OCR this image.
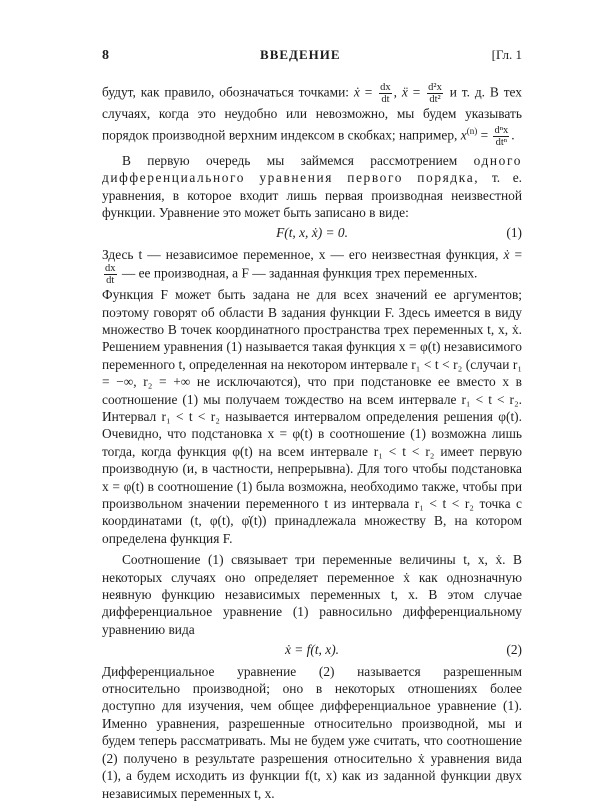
8	ВВЕДЕНИЕ	[Гл. 1

будут, как правило, обозначаться точками: ẋ = $\frac{dx}{dt}$ , ẍ = $\frac{\text{d²x}}{\text{dt²}}$ и т. д. В тех случаях, когда это неудобно или невозможно, мы будем указывать порядок производной верхним индексом в скобках; например, $x^{(n)} = \frac{\text{dⁿx}}{\text{dtⁿ}}$ .

В первую очередь мы займемся рассмотрением одного дифференциального уравнения первого порядка, т. е. уравнения, в которое входит лишь первая производная неизвестной функции. Уравнение это может быть записано в виде:

F(t, x, ẋ) = 0.	(1)

Здесь t — независимое переменное, x — его неизвестная функция, ẋ =
$\frac{dx}{dt}$ — ее производная, а F — заданная функция трех переменных.

Функция F может быть задана не для всех значений ее аргументов; поэтому говорят об области B задания функции F. Здесь имеется в виду множество B точек координатного пространства трех переменных t, x, ẋ. Решением уравнения (1) называется такая функция x = φ(t) независимого переменного t, определенная на некотором интервале r₁ < t < r₂ (случаи r₁ = −∞, r₂ = +∞ не исключаются), что при подстановке ее вместо x в соотношение (1) мы получаем тождество на всем интервале r₁ < t < r₂. Интервал r₁ < t < r₂ называется интервалом определения решения φ(t). Очевидно, что подстановка x = φ(t) в соотношение (1) возможна лишь тогда, когда функция φ(t) на всем интервале r₁ < t < r₂ имеет первую производную (и, в частности, непрерывна). Для того чтобы подстановка x = φ(t) в соотношение (1) была возможна, необходимо также, чтобы при произвольном значении переменного t из интервала r₁ < t < r₂ точка с координатами (t, φ(t), φ̇(t)) принадлежала множеству B, на котором определена функция F.

Соотношение (1) связывает три переменные величины t, x, ẋ. В некоторых случаях оно определяет переменное ẋ как однозначную неявную функцию независимых переменных t, x. В этом случае дифференциальное уравнение (1) равносильно дифференциальному уравнению вида

ẋ = f(t, x).	(2)

Дифференциальное уравнение (2) называется разрешенным относительно производной; оно в некоторых отношениях более доступно для изучения, чем общее дифференциальное уравнение (1). Именно уравнения, разрешенные относительно производной, мы и будем теперь рассматривать. Мы не будем уже считать, что соотношение (2) получено в результате разрешения относительно ẋ уравнения вида (1), а будем исходить из функции f(t, x) как из заданной функции двух независимых переменных t, x.
